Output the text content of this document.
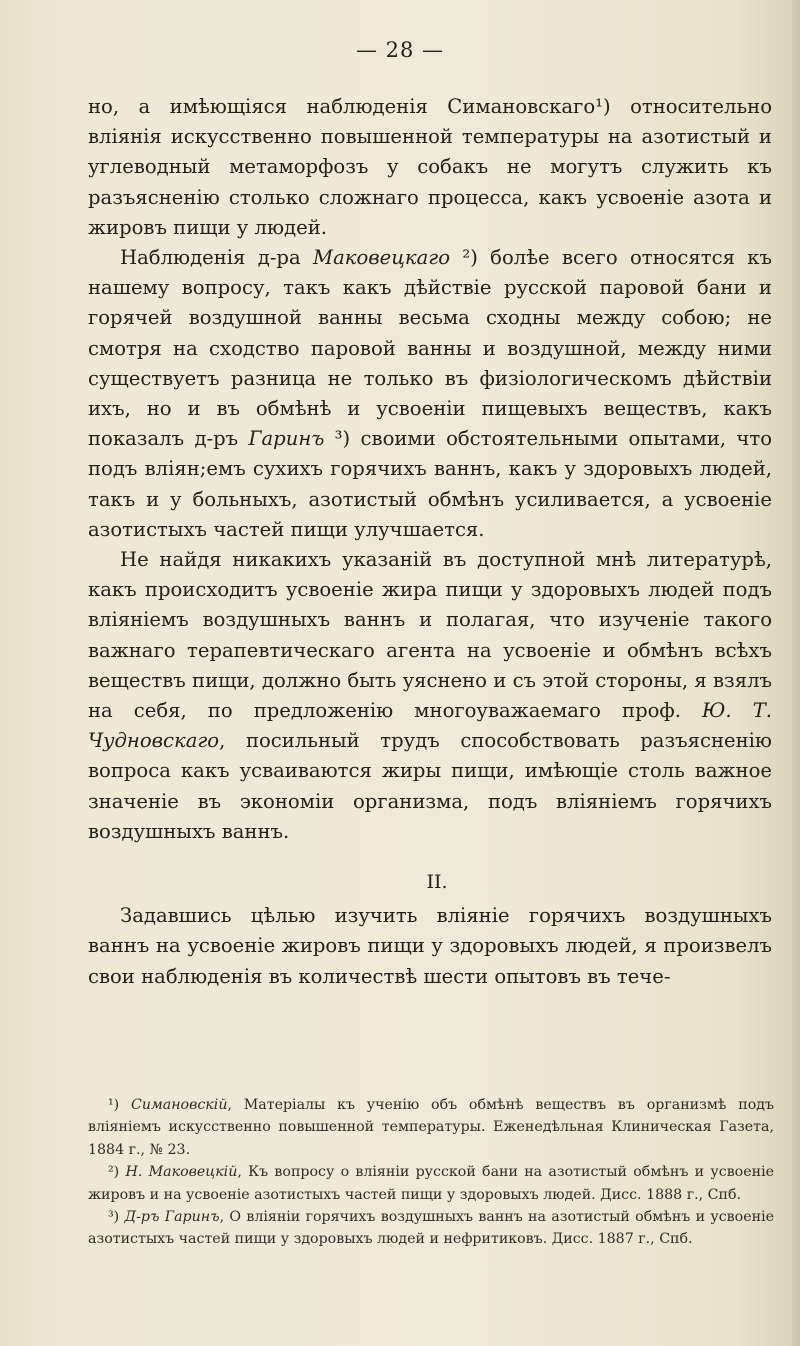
— 28 —

но, а имѣющіяся наблюденія Симановскаго¹) относительно вліянія искусственно повышенной температуры на азотистый и углеводный метаморфозъ у собакъ не могутъ служить къ разъясненію столько сложнаго процесса, какъ усвоеніе азота и жировъ пищи у людей.

Наблюденія д-ра Маковецкаго ²) болѣе всего относятся къ нашему вопросу, такъ какъ дѣйствіе русской паровой бани и горячей воздушной ванны весьма сходны между собою; не смотря на сходство паровой ванны и воздушной, между ними существуетъ разница не только въ физіологическомъ дѣйствіи ихъ, но и въ обмѣнѣ и усвоеніи пищевыхъ веществъ, какъ показалъ д-ръ Гаринъ ³) своими обстоятельными опытами, что подъ вліян;емъ сухихъ горячихъ ваннъ, какъ у здоровыхъ людей, такъ и у больныхъ, азотистый обмѣнъ усиливается, а усвоеніе азотистыхъ частей пищи улучшается.

Не найдя никакихъ указаній въ доступной мнѣ литературѣ, какъ происходитъ усвоеніе жира пищи у здоровыхъ людей подъ вліяніемъ воздушныхъ ваннъ и полагая, что изученіе такого важнаго терапевтическаго агента на усвоеніе и обмѣнъ всѣхъ веществъ пищи, должно быть уяснено и съ этой стороны, я взялъ на себя, по предложенію многоуважаемаго проф. Ю. Т. Чудновскаго, посильный трудъ способствовать разъясненію вопроса какъ усваиваются жиры пищи, имѣющіе столь важное значеніе въ экономіи организма, подъ вліяніемъ горячихъ воздушныхъ ваннъ.

II.

Задавшись цѣлью изучить вліяніе горячихъ воздушныхъ ваннъ на усвоеніе жировъ пищи у здоровыхъ людей, я произвелъ свои наблюденія въ количествѣ шести опытовъ въ тече-

¹) Симановскій, Матеріалы къ ученію объ обмѣнѣ веществъ въ организмѣ подъ вліяніемъ искусственно повышенной температуры. Еженедѣльная Клиническая Газета, 1884 г., № 23.

²) Н. Маковецкій, Къ вопросу о вліяніи русской бани на азотистый обмѣнъ и усвоеніе жировъ и на усвоеніе азотистыхъ частей пищи у здоровыхъ людей. Дисс. 1888 г., Спб.

³) Д-ръ Гаринъ, О вліяніи горячихъ воздушныхъ ваннъ на азотистый обмѣнъ и усвоеніе азотистыхъ частей пищи у здоровыхъ людей и нефритиковъ. Дисс. 1887 г., Спб.
